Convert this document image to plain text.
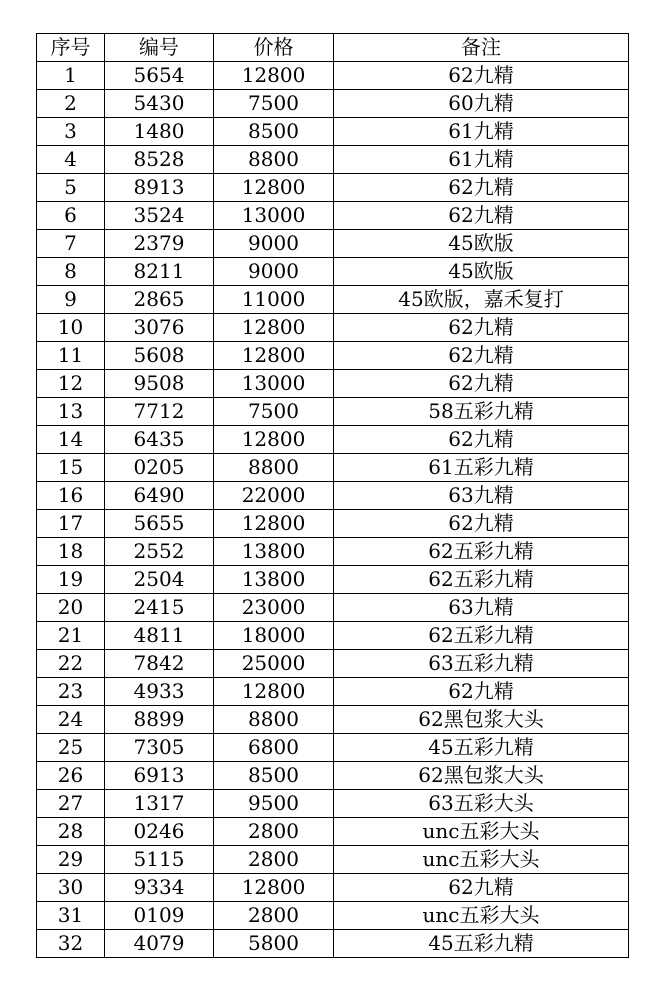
序号	编号	价格	备注
1	5654	12800	62九精
2	5430	7500	60九精
3	1480	8500	61九精
4	8528	8800	61九精
5	8913	12800	62九精
6	3524	13000	62九精
7	2379	9000	45欧版
8	8211	9000	45欧版
9	2865	11000	45欧版，嘉禾复打
10	3076	12800	62九精
11	5608	12800	62九精
12	9508	13000	62九精
13	7712	7500	58五彩九精
14	6435	12800	62九精
15	0205	8800	61五彩九精
16	6490	22000	63九精
17	5655	12800	62九精
18	2552	13800	62五彩九精
19	2504	13800	62五彩九精
20	2415	23000	63九精
21	4811	18000	62五彩九精
22	7842	25000	63五彩九精
23	4933	12800	62九精
24	8899	8800	62黑包浆大头
25	7305	6800	45五彩九精
26	6913	8500	62黑包浆大头
27	1317	9500	63五彩大头
28	0246	2800	unc五彩大头
29	5115	2800	unc五彩大头
30	9334	12800	62九精
31	0109	2800	unc五彩大头
32	4079	5800	45五彩九精
